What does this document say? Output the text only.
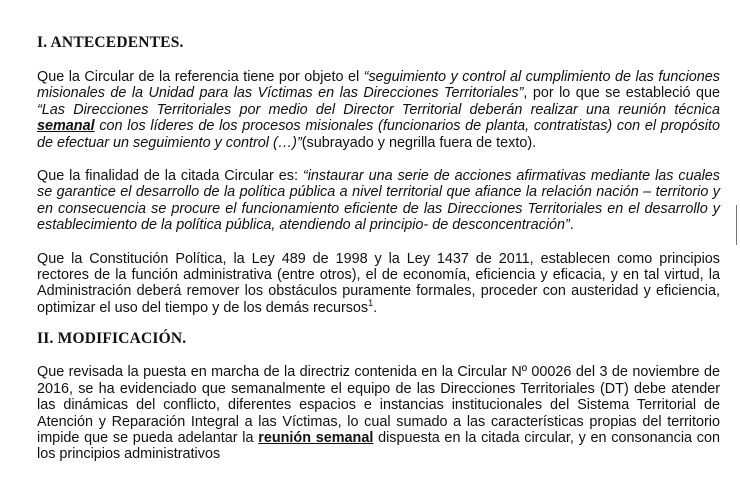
I. ANTECEDENTES.

Que la Circular de la referencia tiene por objeto el “seguimiento y control al cumplimiento de las funciones misionales de la Unidad para las Víctimas en las Direcciones Territoriales”, por lo que se estableció que “Las Direcciones Territoriales por medio del Director Territorial deberán realizar una reunión técnica semanal con los líderes de los procesos misionales (funcionarios de planta, contratistas) con el propósito de efectuar un seguimiento y control (…)”(subrayado y negrilla fuera de texto).

Que la finalidad de la citada Circular es: “instaurar una serie de acciones afirmativas mediante las cuales se garantice el desarrollo de la política pública a nivel territorial que afiance la relación nación – territorio y en consecuencia se procure el funcionamiento eficiente de las Direcciones Territoriales en el desarrollo y establecimiento de la política pública, atendiendo al principio- de desconcentración”.

Que la Constitución Política, la Ley 489 de 1998 y la Ley 1437 de 2011, establecen como principios rectores de la función administrativa (entre otros), el de economía, eficiencia y eficacia, y en tal virtud, la Administración deberá remover los obstáculos puramente formales, proceder con austeridad y eficiencia, optimizar el uso del tiempo y de los demás recursos$^1$.

II. MODIFICACIÓN.

Que revisada la puesta en marcha de la directriz contenida en la Circular Nº 00026 del 3 de noviembre de 2016, se ha evidenciado que semanalmente el equipo de las Direcciones Territoriales (DT) debe atender las dinámicas del conflicto, diferentes espacios e instancias institucionales del Sistema Territorial de Atención y Reparación Integral a las Víctimas, lo cual sumado a las características propias del territorio impide que se pueda adelantar la reunión semanal dispuesta en la citada circular, y en consonancia con los principios administrativos
